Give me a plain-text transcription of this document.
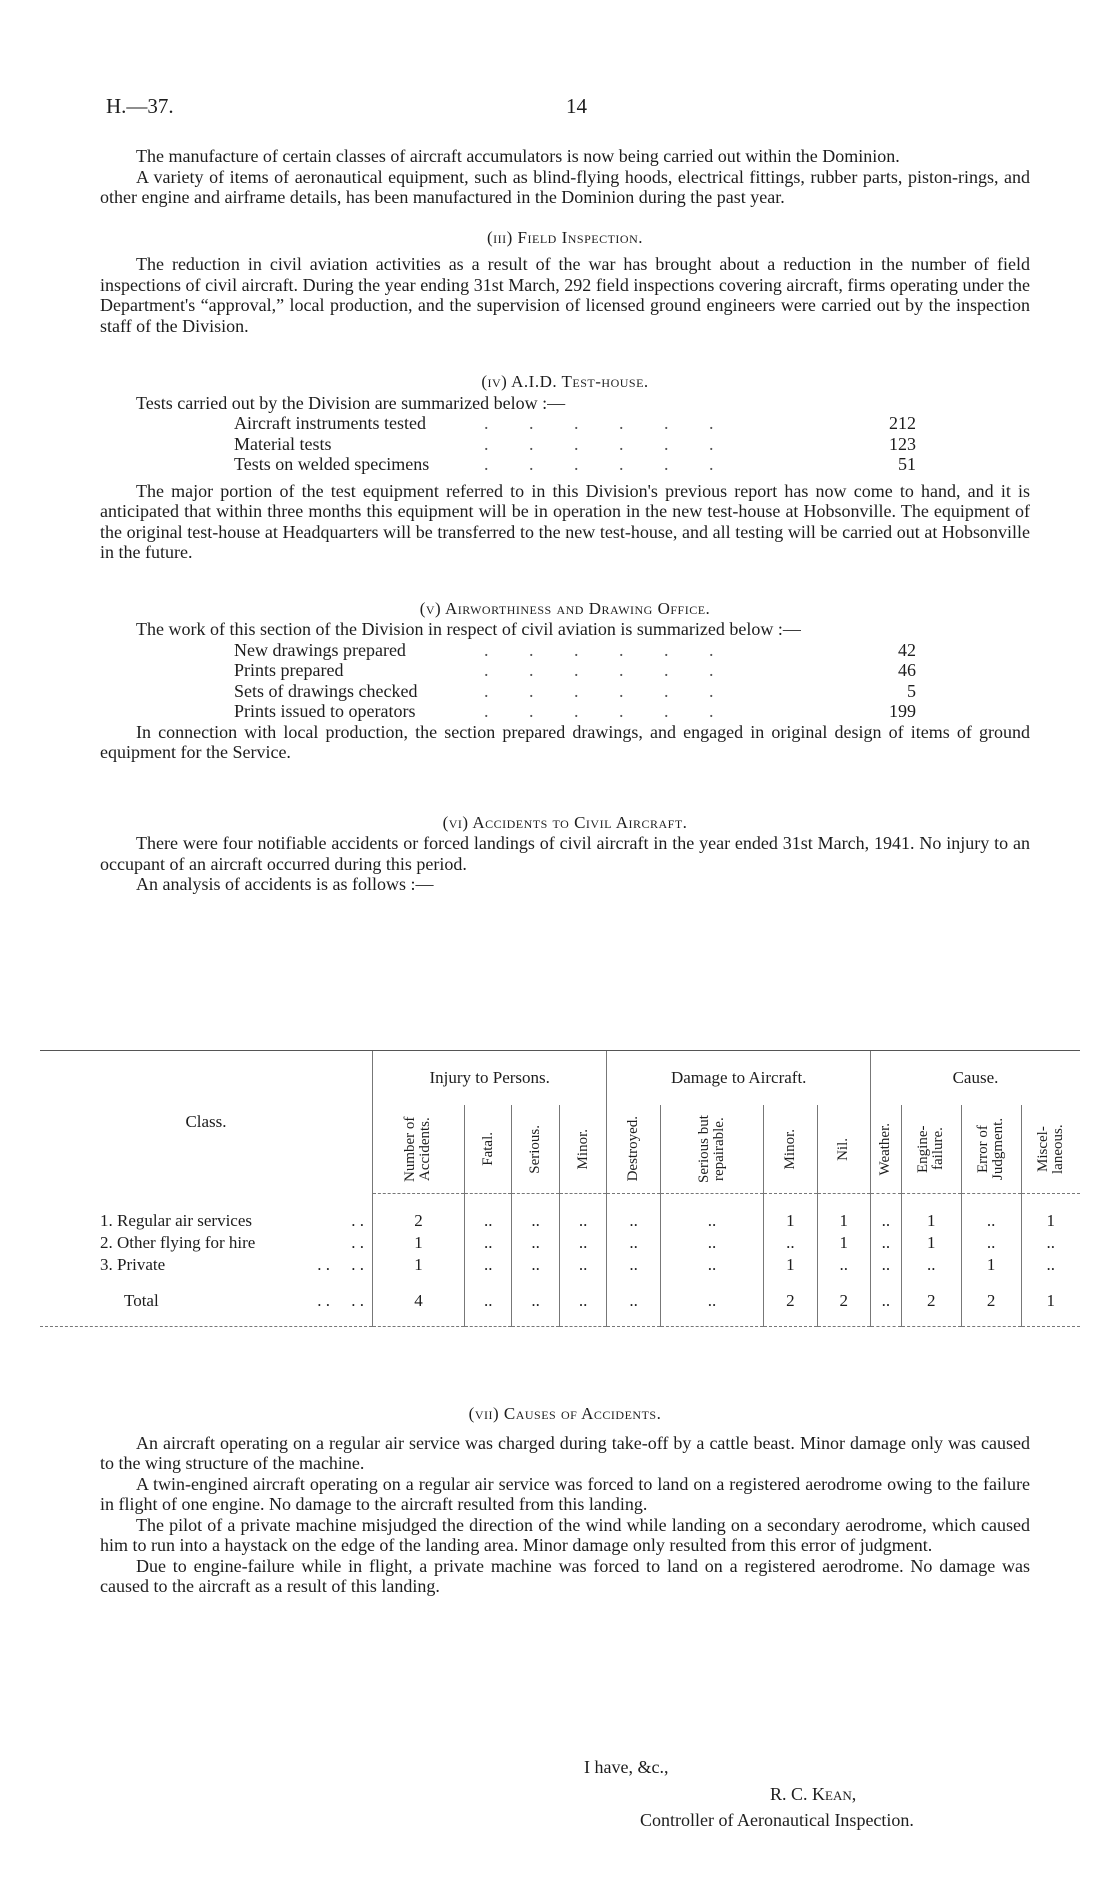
H.—37.	14

The manufacture of certain classes of aircraft accumulators is now being carried out within the Dominion.

A variety of items of aeronautical equipment, such as blind-flying hoods, electrical fittings, rubber parts, piston-rings, and other engine and airframe details, has been manufactured in the Dominion during the past year.

(iii) Field Inspection.

The reduction in civil aviation activities as a result of the war has brought about a reduction in the number of field inspections of civil aircraft. During the year ending 31st March, 292 field inspections covering aircraft, firms operating under the Department's “approval,” local production, and the supervision of licensed ground engineers were carried out by the inspection staff of the Division.

(iv) A.I.D. Test-house.

Tests carried out by the Division are summarized below :—

Aircraft instruments tested	. . . . . .	212
Material tests	. . . . . .	123
Tests on welded specimens	. . . . . .	51

The major portion of the test equipment referred to in this Division's previous report has now come to hand, and it is anticipated that within three months this equipment will be in operation in the new test-house at Hobsonville. The equipment of the original test-house at Headquarters will be transferred to the new test-house, and all testing will be carried out at Hobsonville in the future.

(v) Airworthiness and Drawing Office.

The work of this section of the Division in respect of civil aviation is summarized below :—

New drawings prepared	. . . . . .	42
Prints prepared	. . . . . .	46
Sets of drawings checked	. . . . . .	5
Prints issued to operators	. . . . . .	199

In connection with local production, the section prepared drawings, and engaged in original design of items of ground equipment for the Service.

(vi) Accidents to Civil Aircraft.

There were four notifiable accidents or forced landings of civil aircraft in the year ended 31st March, 1941. No injury to an occupant of an aircraft occurred during this period.

An analysis of accidents is as follows :—

Class.	Injury to Persons.				Damage to Aircraft.				Cause.			

	Number of Accidents.	Fatal.	Serious.	Minor.	Destroyed.	Serious but repairable.	Minor.	Nil.	Weather.	Engine-failure.	Error of Judgment.	Miscel-laneous.

1. Regular air services . .	2	..	..	..	..	..	1	1	..	1	..	1
2. Other flying for hire . .	1	..	..	..	..	..	..	1	..	1	..	..
3. Private . .     . .	1	..	..	..	..	..	1	..	..	..	1	..
Total . .     . .	4	..	..	..	..	..	2	2	..	2	2	1
(vii) Causes of Accidents.

An aircraft operating on a regular air service was charged during take-off by a cattle beast. Minor damage only was caused to the wing structure of the machine.

A twin-engined aircraft operating on a regular air service was forced to land on a registered aerodrome owing to the failure in flight of one engine. No damage to the aircraft resulted from this landing.

The pilot of a private machine misjudged the direction of the wind while landing on a secondary aerodrome, which caused him to run into a haystack on the edge of the landing area. Minor damage only resulted from this error of judgment.

Due to engine-failure while in flight, a private machine was forced to land on a registered aerodrome. No damage was caused to the aircraft as a result of this landing.

I have, &c.,
R. C. Kean,
Controller of Aeronautical Inspection.
